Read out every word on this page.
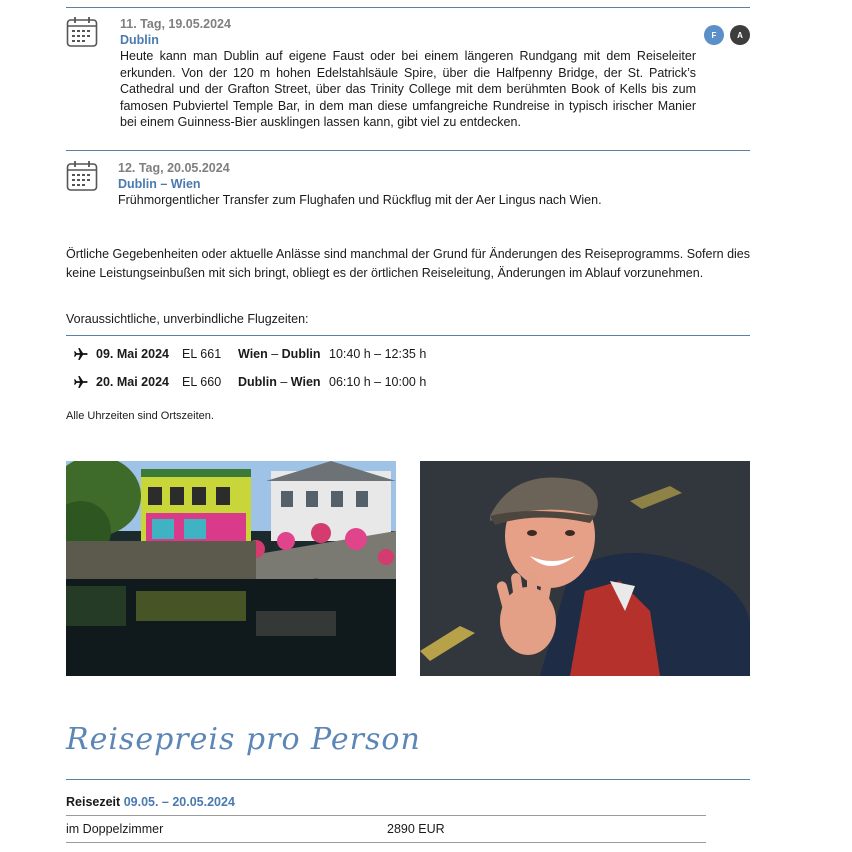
11. Tag, 19.05.2024
Dublin
Heute kann man Dublin auf eigene Faust oder bei einem längeren Rundgang mit dem Reiseleiter erkunden. Von der 120 m hohen Edelstahlsäule Spire, über die Halfpenny Bridge, der St. Patrick’s Cathedral und der Grafton Street, über das Trinity College mit dem berühmten Book of Kells bis zum famosen Pubviertel Temple Bar, in dem man diese umfangreiche Rundreise in typisch irischer Manier bei einem Guinness-Bier ausklingen lassen kann, gibt viel zu entdecken.
F	A
12. Tag, 20.05.2024
Dublin – Wien
Frühmorgentlicher Transfer zum Flughafen und Rückflug mit der Aer Lingus nach Wien.
Örtliche Gegebenheiten oder aktuelle Anlässe sind manchmal der Grund für Änderungen des Reiseprogramms. Sofern dies keine Leistungseinbußen mit sich bringt, obliegt es der örtlichen Reiseleitung, Änderungen im Ablauf vorzunehmen.
Voraussichtliche, unverbindliche Flugzeiten:
09. Mai 2024	EL 661	Wien – Dublin 10:40 h – 12:35 h
20. Mai 2024	EL 660	Dublin – Wien 06:10 h – 10:00 h
Alle Uhrzeiten sind Ortszeiten.
Reisepreis pro Person
Reisezeit 09.05. – 20.05.2024
im Doppelzimmer	2890 EUR
